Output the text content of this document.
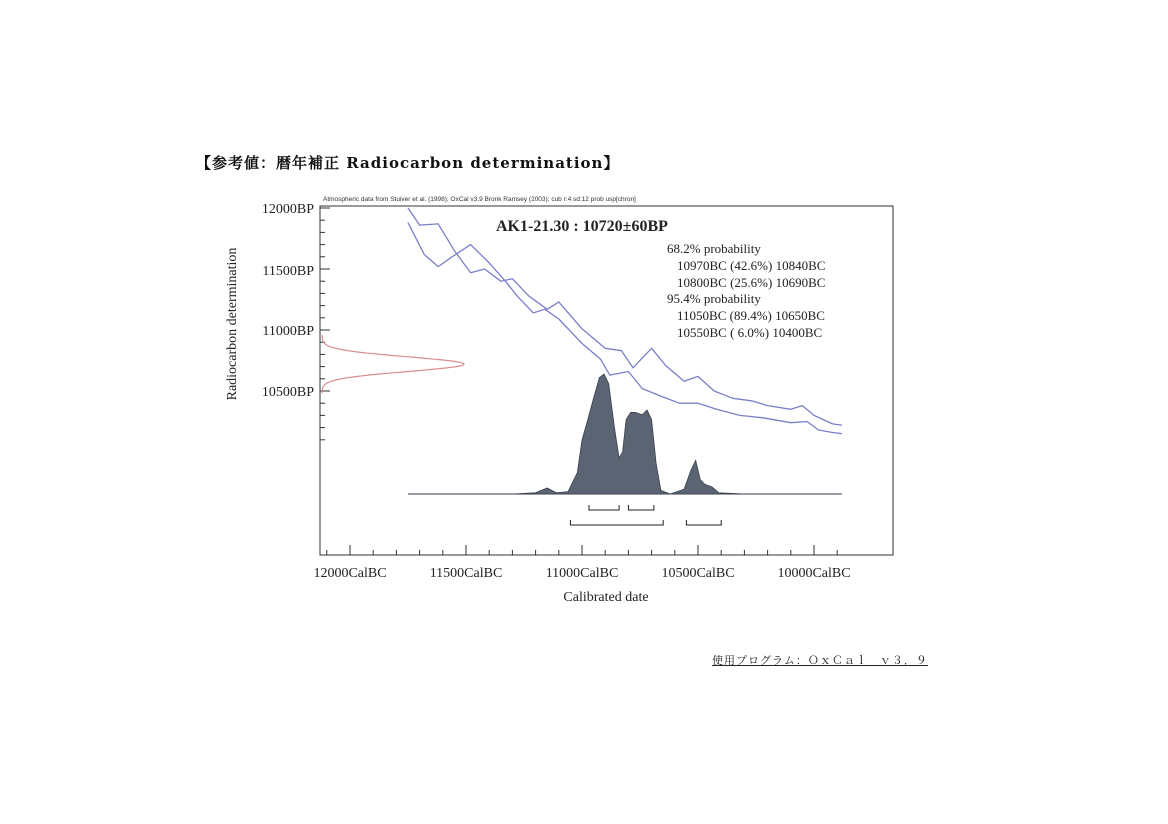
【参考値：暦年補正 Radiocarbon determination】
Atmospheric data from Stuiver et al. (1998); OxCal v3.9 Bronk Ramsey (2003); cub r:4 sd:12 prob usp[chron]
AK1-21.30 : 10720±60BP
68.2% probability
10970BC (42.6%) 10840BC
10800BC (25.6%) 10690BC
95.4% probability
11050BC (89.4%) 10650BC
10550BC ( 6.0%) 10400BC
12000BP
11500BP
11000BP
10500BP
12000CalBC	11500CalBC	11000CalBC	10500CalBC	10000CalBC
Calibrated date
Radiocarbon determination
使用プログラム：ＯｘＣａｌ　ｖ３．９
